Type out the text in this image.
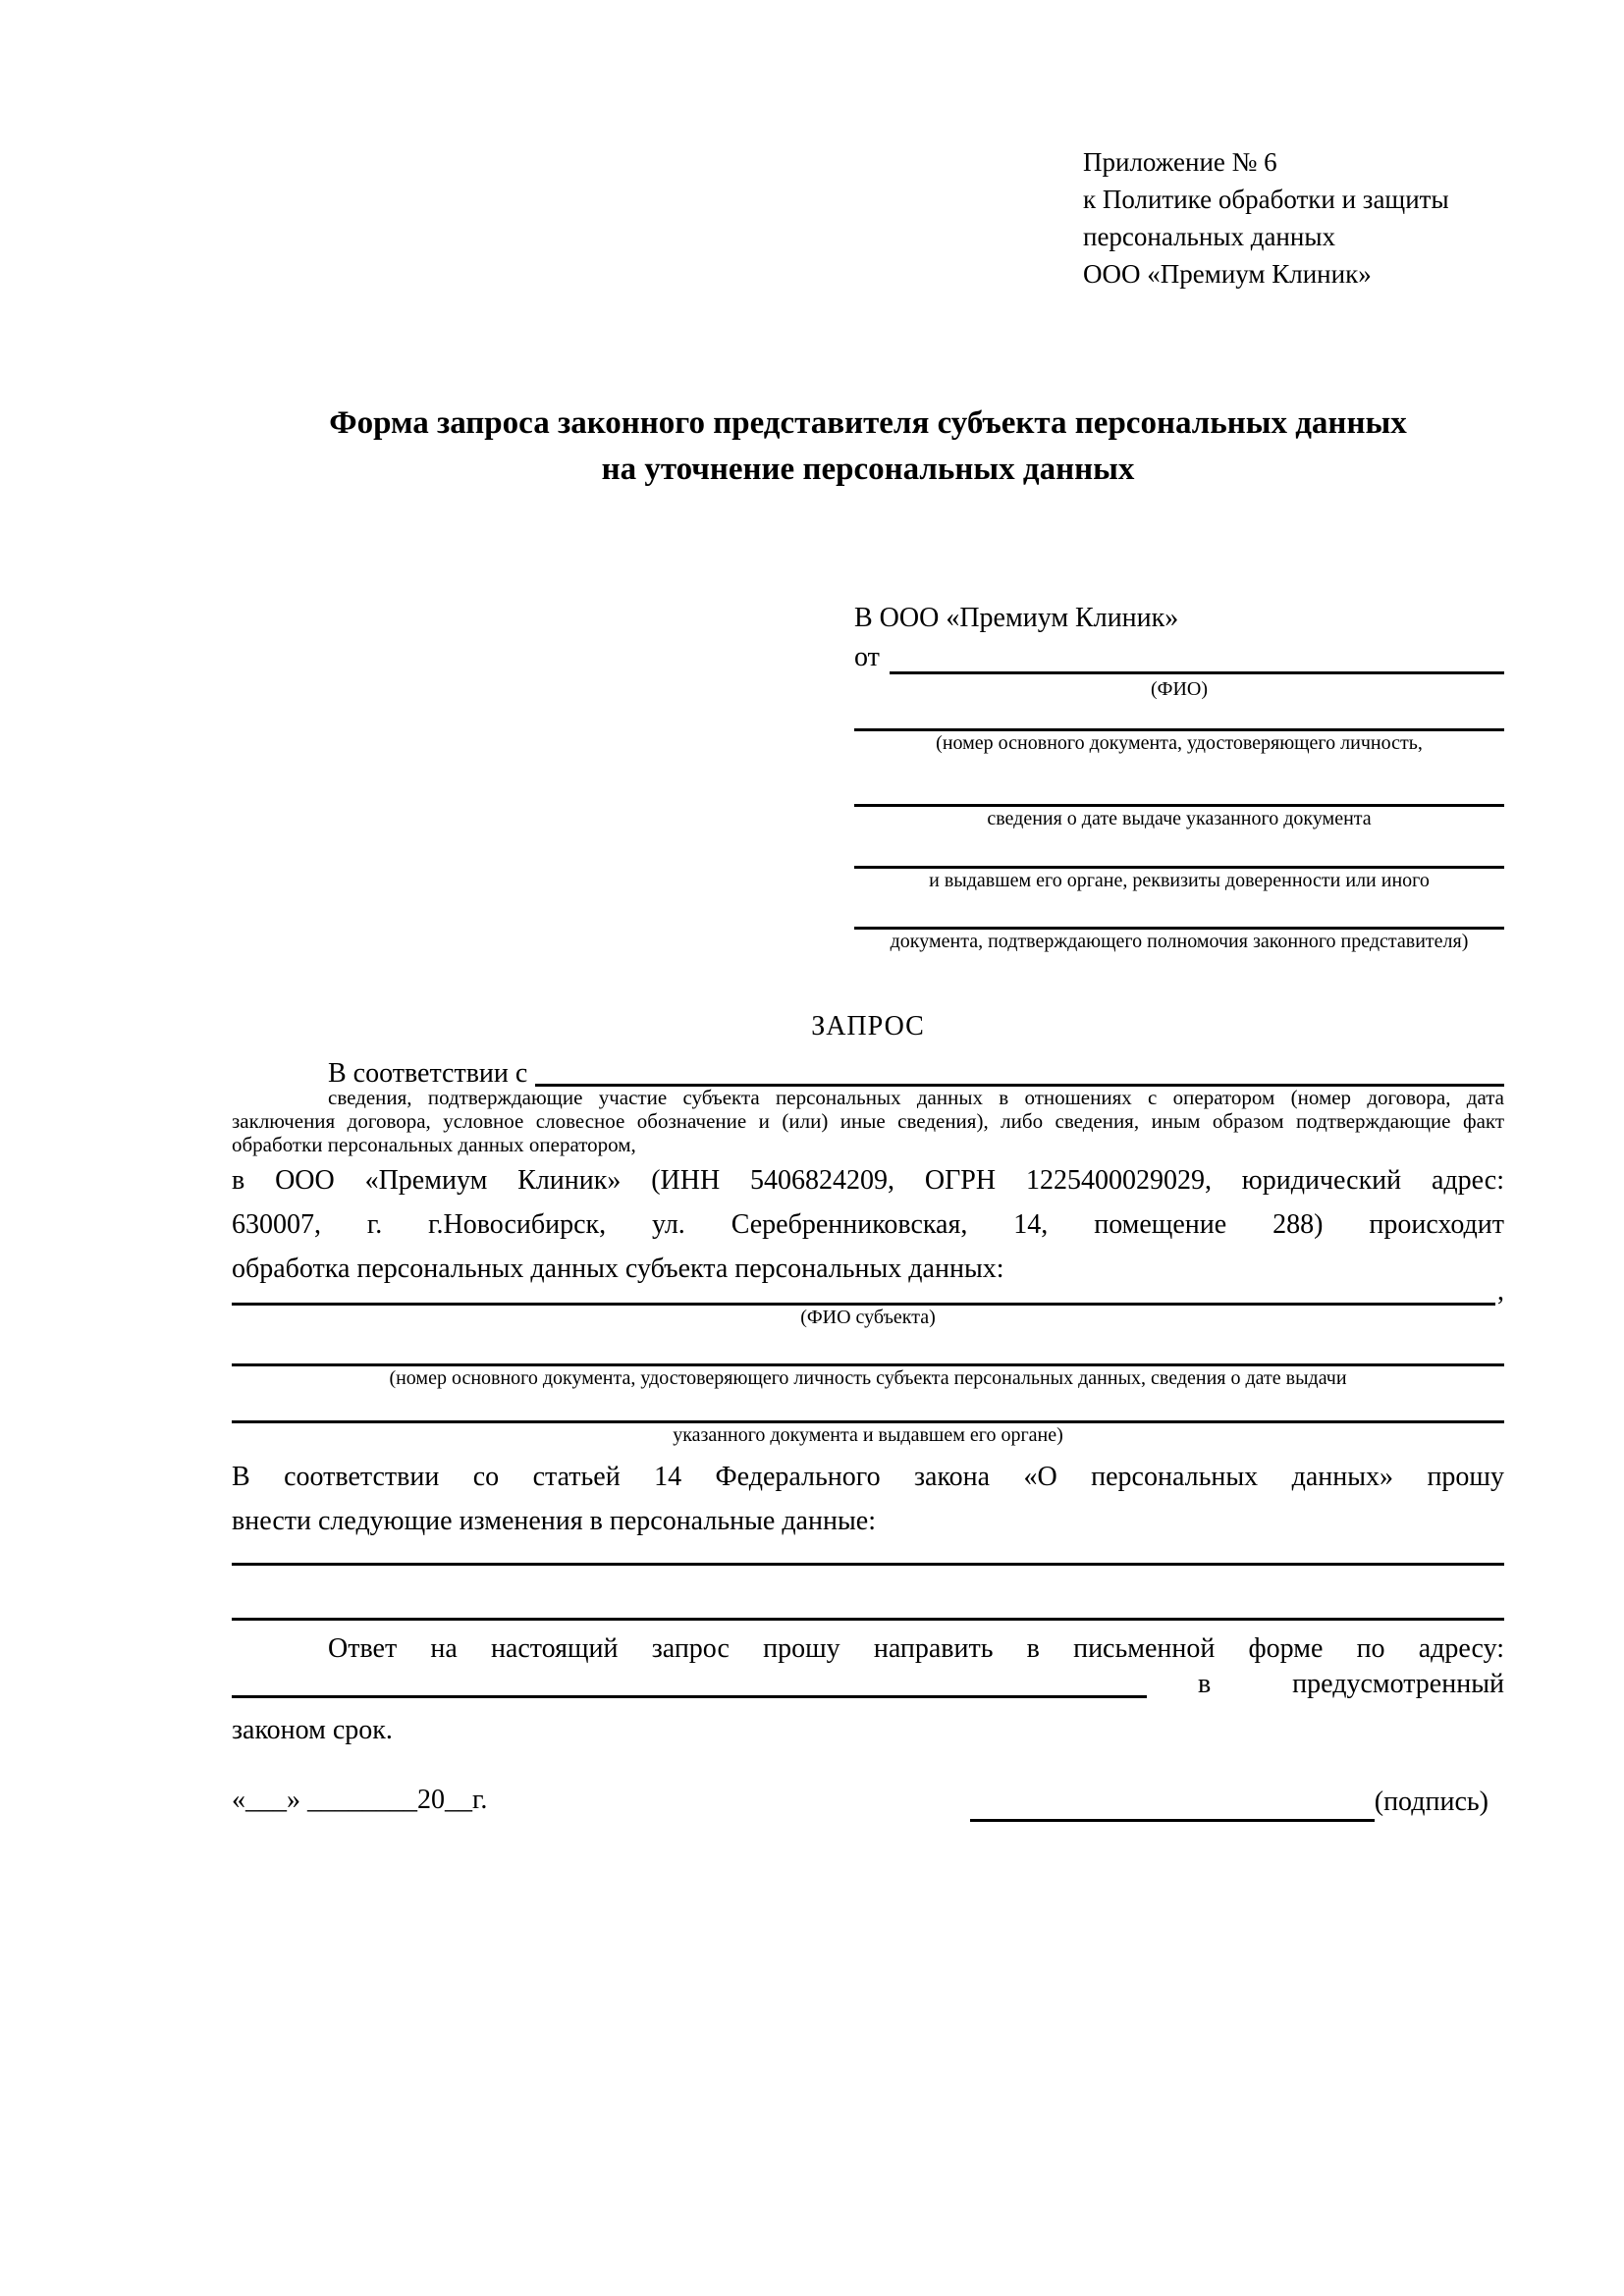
Приложение № 6
к Политике обработки и защиты
персональных данных
ООО «Премиум Клиник»
Форма запроса законного представителя субъекта персональных данных
на уточнение персональных данных
В ООО «Премиум Клиник»
от
(ФИО)
(номер основного документа, удостоверяющего личность,
сведения о дате выдаче указанного документа
и выдавшем его органе, реквизиты доверенности или иного
документа, подтверждающего полномочия законного представителя)
ЗАПРОС
В соответствии с
сведения, подтверждающие участие субъекта персональных данных в отношениях с оператором (номер договора, дата
заключения договора, условное словесное обозначение и (или) иные сведения), либо сведения, иным образом подтверждающие факт
обработки персональных данных оператором,
в ООО «Премиум Клиник» (ИНН 5406824209, ОГРН 1225400029029, юридический адрес:
630007, г. г.Новосибирск, ул. Серебренниковская, 14, помещение 288) происходит
обработка персональных данных субъекта персональных данных:
,
(ФИО субъекта)
(номер основного документа, удостоверяющего личность субъекта персональных данных, сведения о дате выдачи
указанного документа и выдавшем его органе)
В соответствии со статьей 14 Федерального закона «О персональных данных» прошу
внести следующие изменения в персональные данные:
Ответ на настоящий запрос прошу направить в письменной форме по адресу:
в	предусмотренный
законом срок.
«___» ________20__г.	(подпись)
